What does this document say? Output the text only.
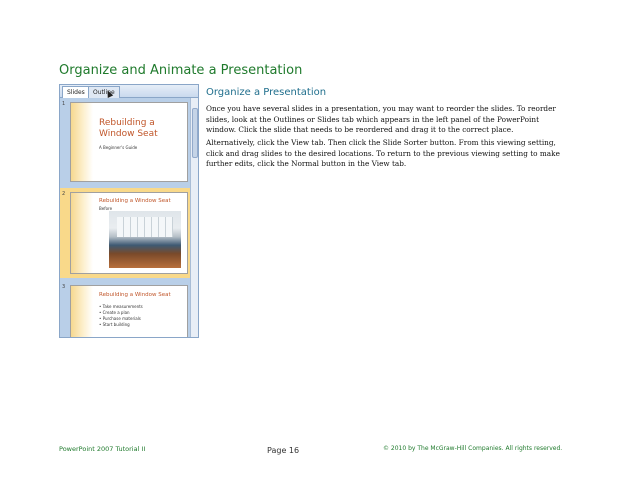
Organize and Animate a Presentation
Slides	Outline
1
Rebuilding a Window Seat
A Beginner's Guide
2
Rebuilding a Window Seat
Before
3
Rebuilding a Window Seat
• Take measurements
• Create a plan
• Purchase materials
• Start building
Organize a Presentation

Once you have several slides in a presentation, you may want to reorder the slides. To reorder slides, look at the Outlines or Slides tab which appears in the left panel of the PowerPoint window. Click the slide that needs to be reordered and drag it to the correct place.

Alternatively, click the View tab. Then click the Slide Sorter button. From this viewing setting, click and drag slides to the desired locations. To return to the previous viewing setting to make further edits, click the Normal button in the View tab.

PowerPoint 2007 Tutorial II	Page 16	© 2010 by The McGraw-Hill Companies. All rights reserved.
